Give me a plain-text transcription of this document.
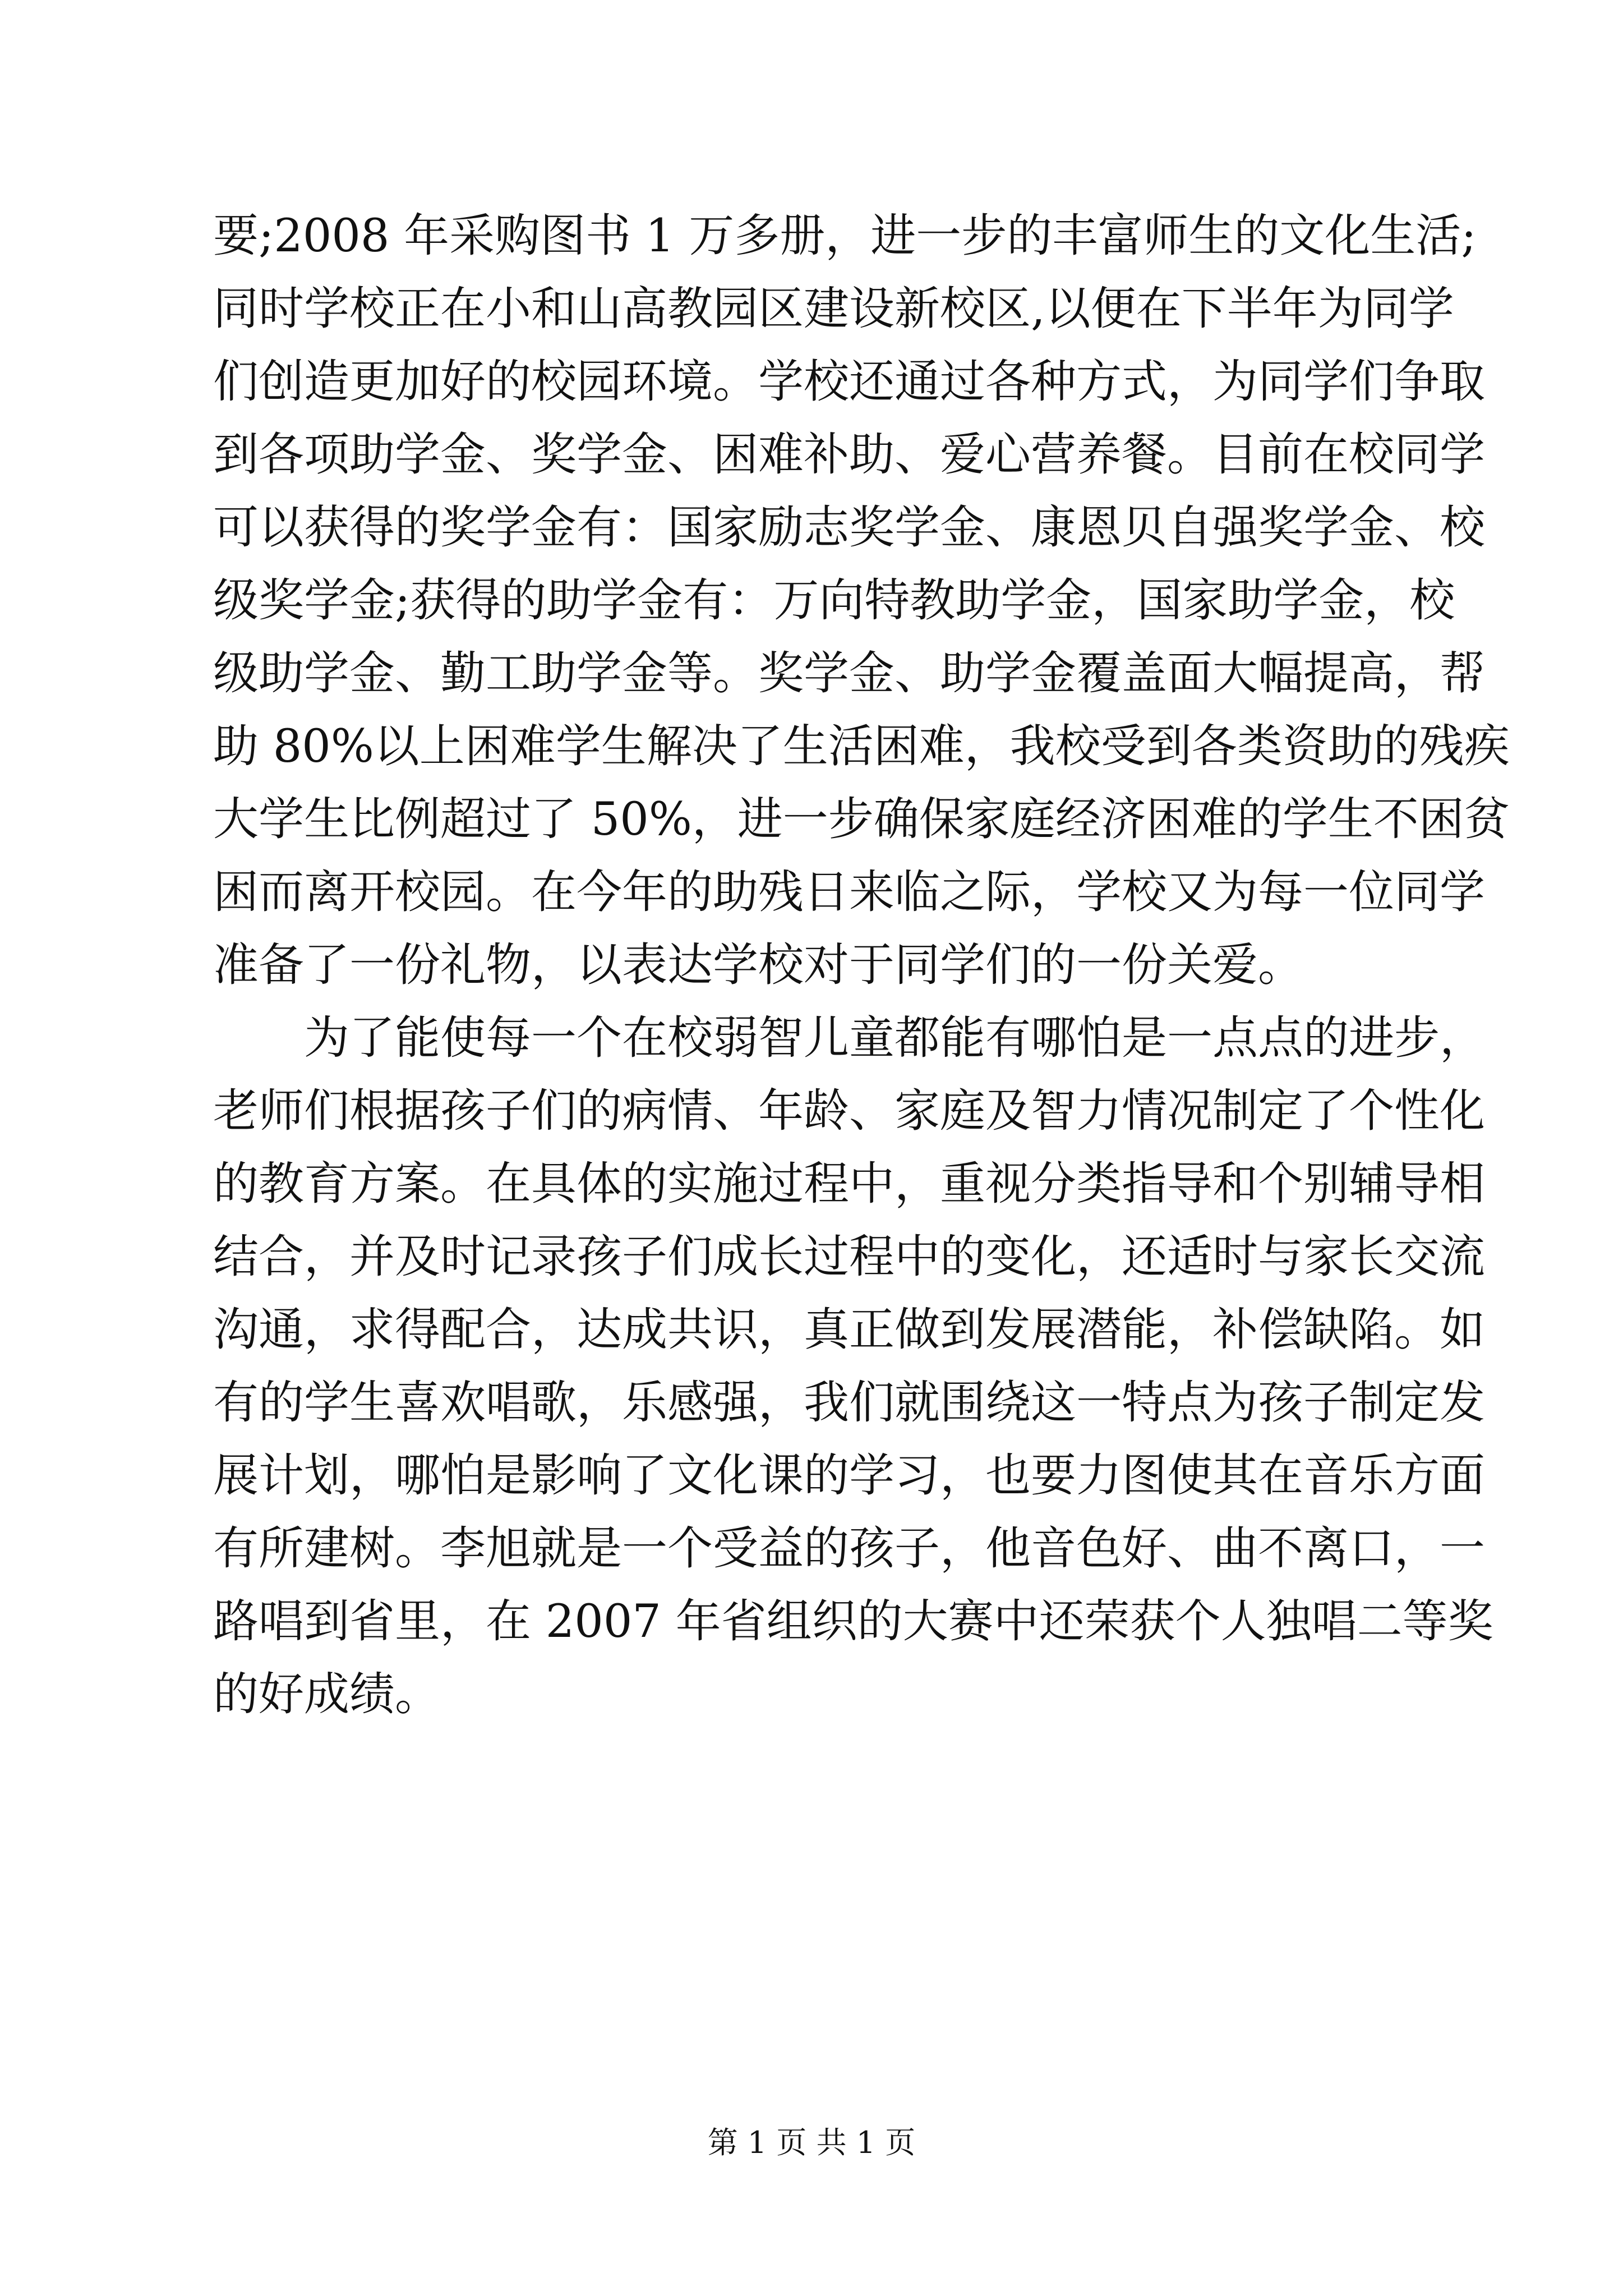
要;2008 年采购图书 1 万多册，进一步的丰富师生的文化生活;
同时学校正在小和山高教园区建设新校区,以便在下半年为同学
们创造更加好的校园环境。学校还通过各种方式，为同学们争取
到各项助学金、奖学金、困难补助、爱心营养餐。目前在校同学
可以获得的奖学金有：国家励志奖学金、康恩贝自强奖学金、校
级奖学金;获得的助学金有：万向特教助学金，国家助学金，校
级助学金、勤工助学金等。奖学金、助学金覆盖面大幅提高，帮
助 80%以上困难学生解决了生活困难，我校受到各类资助的残疾
大学生比例超过了 50%，进一步确保家庭经济困难的学生不困贫
困而离开校园。在今年的助残日来临之际，学校又为每一位同学
准备了一份礼物，以表达学校对于同学们的一份关爱。
为了能使每一个在校弱智儿童都能有哪怕是一点点的进步，
老师们根据孩子们的病情、年龄、家庭及智力情况制定了个性化
的教育方案。在具体的实施过程中，重视分类指导和个别辅导相
结合，并及时记录孩子们成长过程中的变化，还适时与家长交流
沟通，求得配合，达成共识，真正做到发展潜能，补偿缺陷。如
有的学生喜欢唱歌，乐感强，我们就围绕这一特点为孩子制定发
展计划，哪怕是影响了文化课的学习，也要力图使其在音乐方面
有所建树。李旭就是一个受益的孩子，他音色好、曲不离口，一
路唱到省里，在 2007 年省组织的大赛中还荣获个人独唱二等奖
的好成绩。
第 1 页 共 1 页
